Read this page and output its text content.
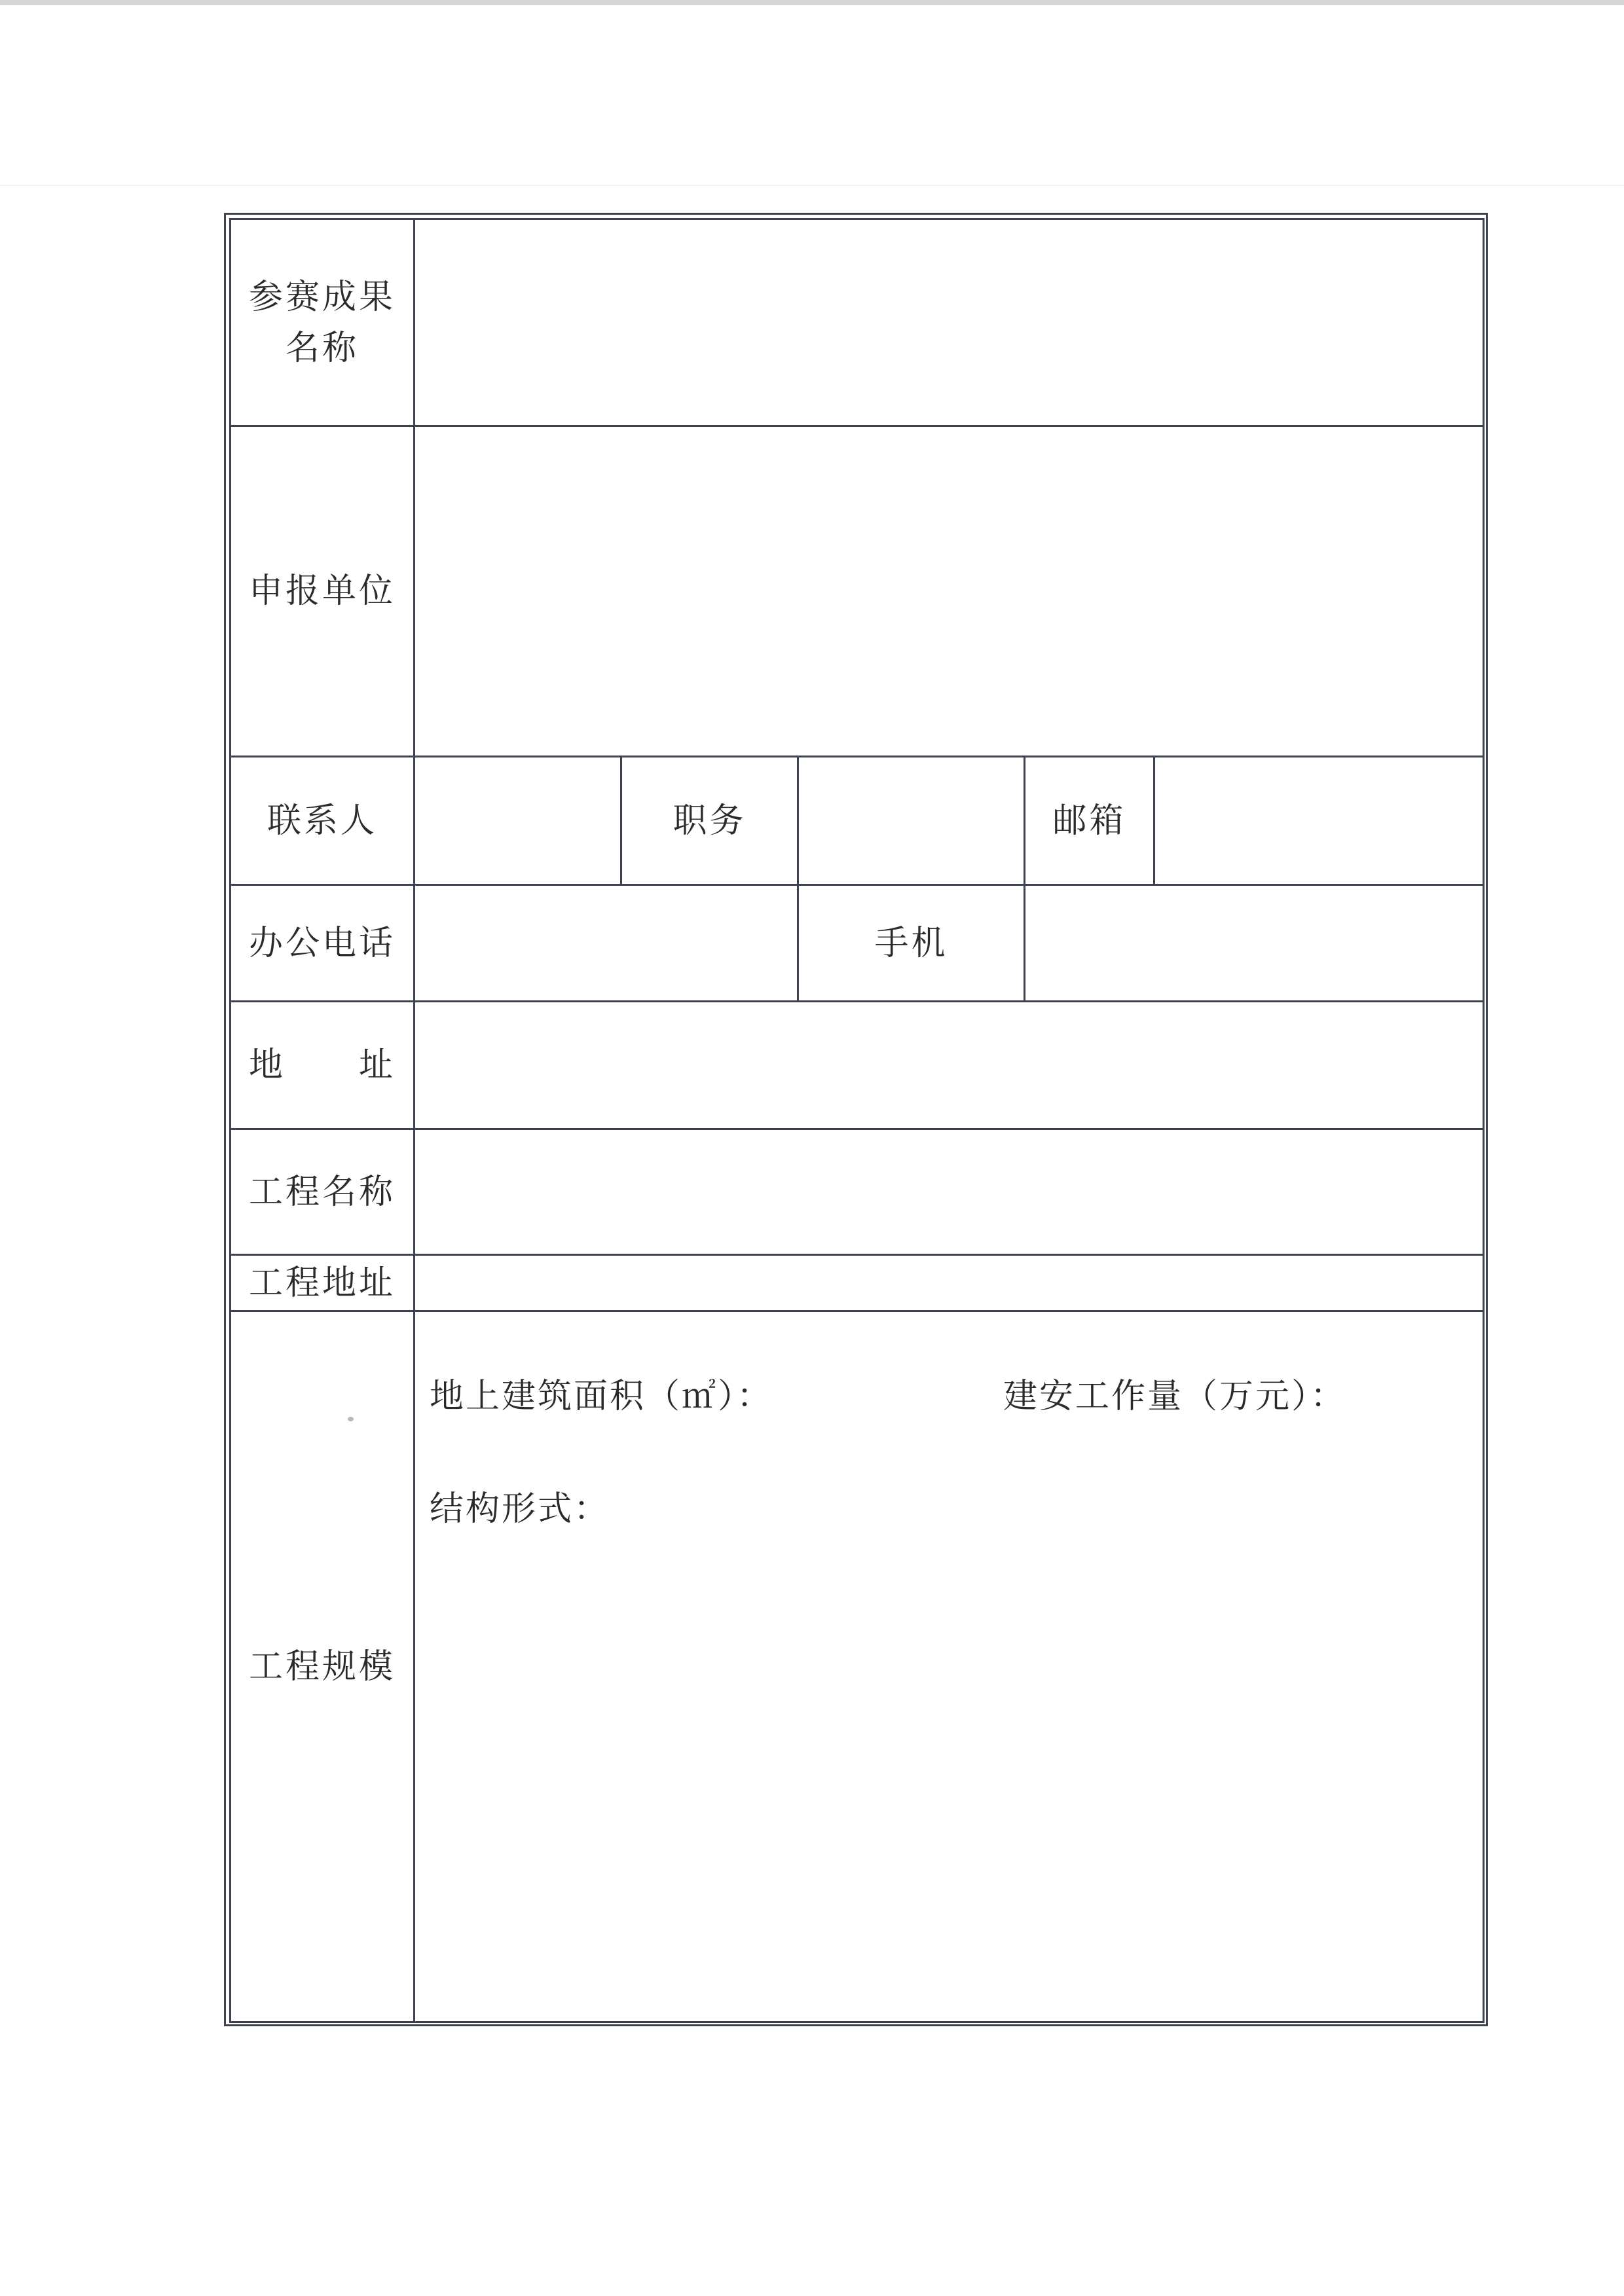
参赛成果
名称					

申报单位					
联系人		职务		邮箱	
办公电话			手机		
地　　址					
工程名称					
工程地址					
工程规模	地上建筑面积（㎡）： 建安工作量（万元）：
结构形式：				
